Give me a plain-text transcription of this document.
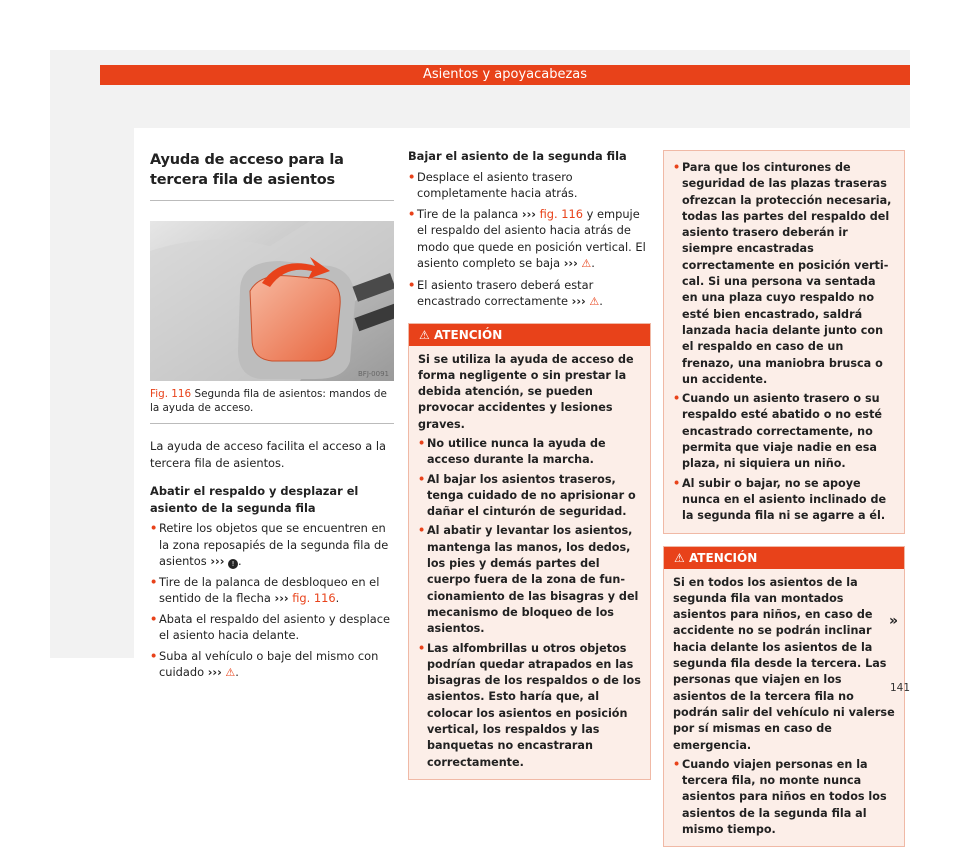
Asientos y apoyacabezas
Ayuda de acceso para la tercera fila de asientos
BFJ-0091
Fig. 116 Segunda fila de asientos: mandos de la ayuda de acceso.

La ayuda de acceso facilita el acceso a la tercera fila de asientos.

Abatir el respaldo y desplazar el asiento de la segunda fila

• Retire los objetos que se encuentren en la zona reposapiés de la segunda fila de asientos ››› ! .
• Tire de la palanca de desbloqueo en el sentido de la flecha ››› fig. 116.
• Abata el respaldo del asiento y desplace el asiento hacia delante.
• Suba al vehículo o baje del mismo con cuidado ››› ⚠.

Bajar el asiento de la segunda fila

• Desplace el asiento trasero completamente hacia atrás.
• Tire de la palanca ››› fig. 116 y empuje el respaldo del asiento hacia atrás de modo que quede en posición vertical. El asiento completo se baja ››› ⚠.
• El asiento trasero deberá estar encastrado correctamente ››› ⚠.
⚠ ATENCIÓN

Si se utiliza la ayuda de acceso de forma negligente o sin prestar la debida atención, se pueden provocar accidentes y lesiones graves.

• No utilice nunca la ayuda de acceso durante la marcha.
• Al bajar los asientos traseros, tenga cuidado de no aprisionar o dañar el cinturón de seguridad.
• Al abatir y levantar los asientos, mantenga las manos, los dedos, los pies y demás partes del cuerpo fuera de la zona de funcionamiento de las bisagras y del mecanismo de bloqueo de los asientos.
• Las alfombrillas u otros objetos podrían quedar atrapados en las bisagras de los respaldos o de los asientos. Esto haría que, al colocar los asientos en posición vertical, los respaldos y las banquetas no encastraran correctamente.
• Para que los cinturones de seguridad de las plazas traseras ofrezcan la protección necesaria, todas las partes del respaldo del asiento trasero deberán ir siempre encastradas correctamente en posición vertical. Si una persona va sentada en una plaza cuyo respaldo no esté bien encastrado, saldrá lanzada hacia delante junto con el respaldo en caso de un frenazo, una maniobra brusca o un accidente.
• Cuando un asiento trasero o su respaldo esté abatido o no esté encastrado correctamente, no permita que viaje nadie en esa plaza, ni siquiera un niño.
• Al subir o bajar, no se apoye nunca en el asiento inclinado de la segunda fila ni se agarre a él.
⚠ ATENCIÓN

Si en todos los asientos de la segunda fila van montados asientos para niños, en caso de accidente no se podrán inclinar hacia delante los asientos de la segunda fila desde la tercera. Las personas que viajen en los asientos de la tercera fila no podrán salir del vehículo ni valerse por sí mismas en caso de emergencia.

• Cuando viajen personas en la tercera fila, no monte nunca asientos para niños en todos los asientos de la segunda fila al mismo tiempo.
»
141
